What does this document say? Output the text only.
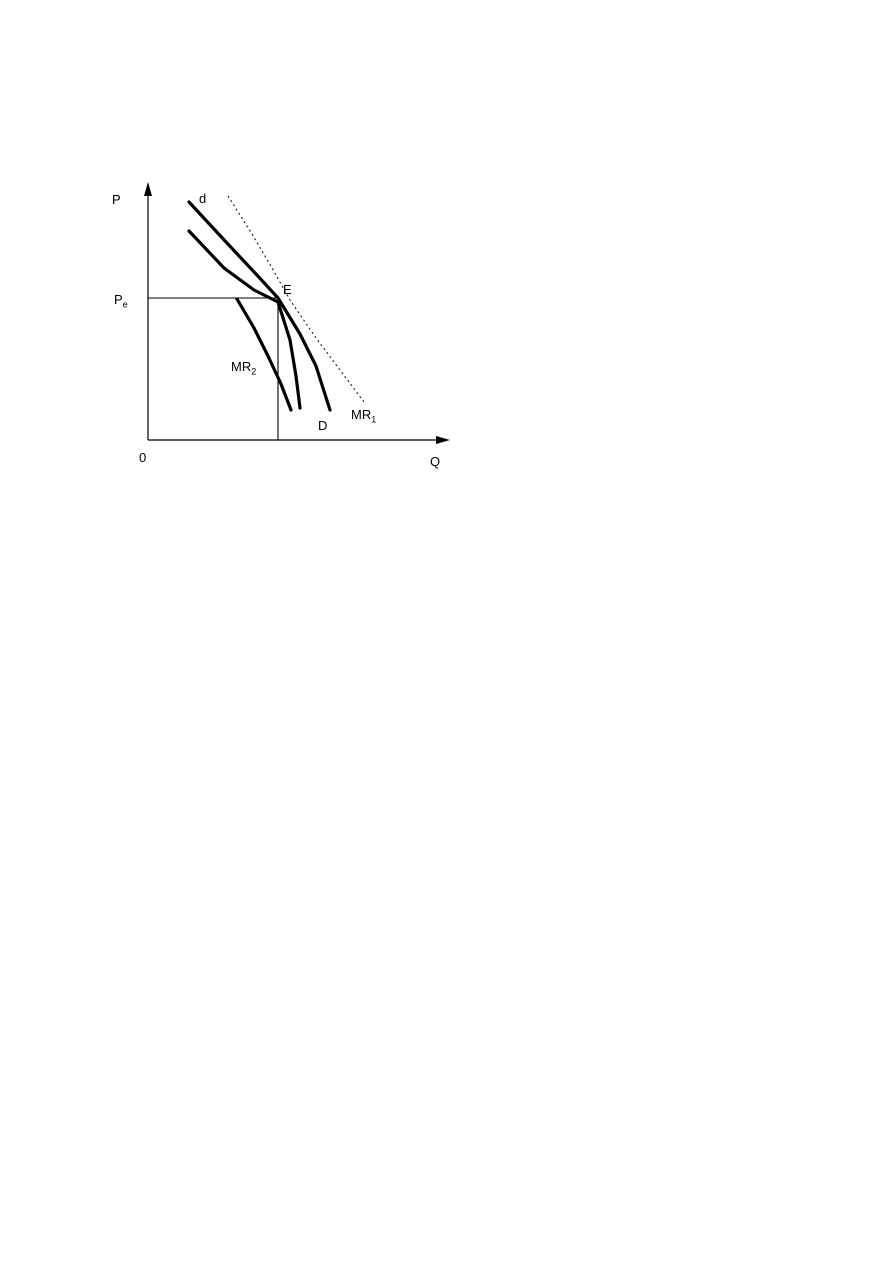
P
Q
0
$P_e$
d
E
$MR_2$
D
$MR_1$
